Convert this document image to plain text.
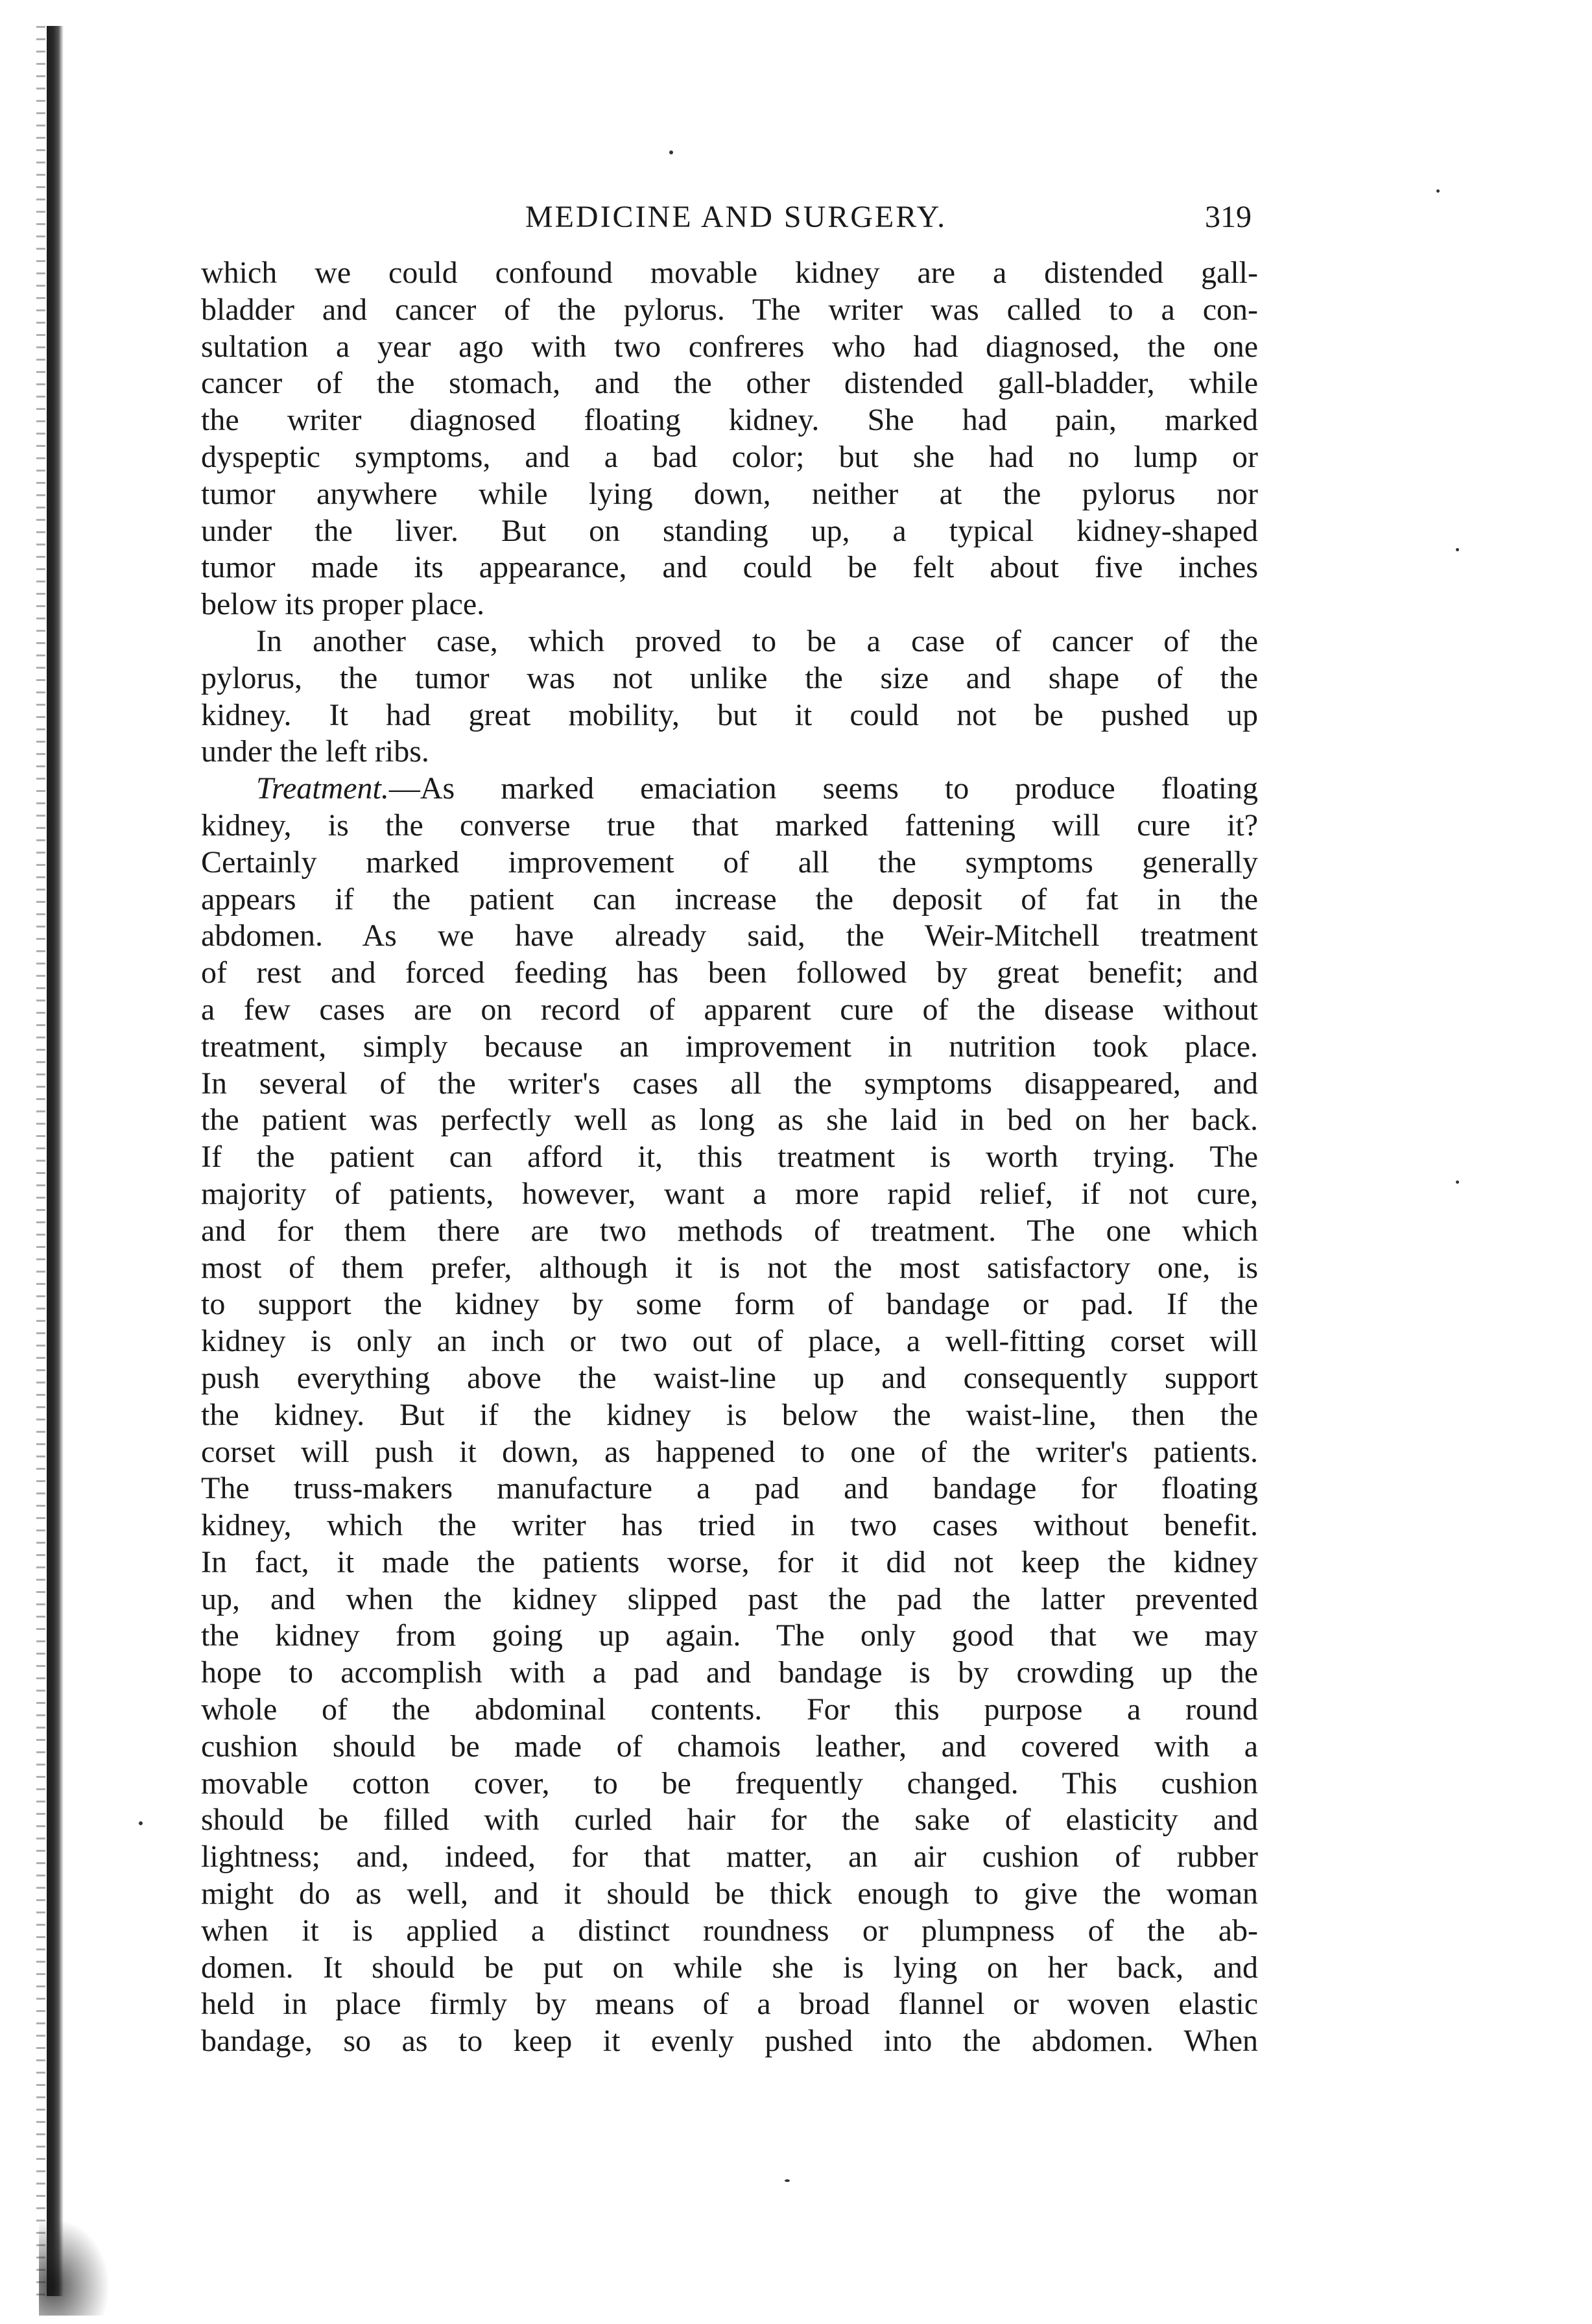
MEDICINE AND SURGERY.	319
which we could confound movable kidney are a distended gall-
bladder and cancer of the pylorus. The writer was called to a con-
sultation a year ago with two confreres who had diagnosed, the one
cancer of the stomach, and the other distended gall-bladder, while
the writer diagnosed floating kidney. She had pain, marked
dyspeptic symptoms, and a bad color; but she had no lump or
tumor anywhere while lying down, neither at the pylorus nor
under the liver. But on standing up, a typical kidney-shaped
tumor made its appearance, and could be felt about five inches
below its proper place.
In another case, which proved to be a case of cancer of the
pylorus, the tumor was not unlike the size and shape of the
kidney. It had great mobility, but it could not be pushed up
under the left ribs.
Treatment.—As marked emaciation seems to produce floating
kidney, is the converse true that marked fattening will cure it?
Certainly marked improvement of all the symptoms generally
appears if the patient can increase the deposit of fat in the
abdomen. As we have already said, the Weir-Mitchell treatment
of rest and forced feeding has been followed by great benefit; and
a few cases are on record of apparent cure of the disease without
treatment, simply because an improvement in nutrition took place.
In several of the writer's cases all the symptoms disappeared, and
the patient was perfectly well as long as she laid in bed on her back.
If the patient can afford it, this treatment is worth trying. The
majority of patients, however, want a more rapid relief, if not cure,
and for them there are two methods of treatment. The one which
most of them prefer, although it is not the most satisfactory one, is
to support the kidney by some form of bandage or pad. If the
kidney is only an inch or two out of place, a well-fitting corset will
push everything above the waist-line up and consequently support
the kidney. But if the kidney is below the waist-line, then the
corset will push it down, as happened to one of the writer's patients.
The truss-makers manufacture a pad and bandage for floating
kidney, which the writer has tried in two cases without benefit.
In fact, it made the patients worse, for it did not keep the kidney
up, and when the kidney slipped past the pad the latter prevented
the kidney from going up again. The only good that we may
hope to accomplish with a pad and bandage is by crowding up the
whole of the abdominal contents. For this purpose a round
cushion should be made of chamois leather, and covered with a
movable cotton cover, to be frequently changed. This cushion
should be filled with curled hair for the sake of elasticity and
lightness; and, indeed, for that matter, an air cushion of rubber
might do as well, and it should be thick enough to give the woman
when it is applied a distinct roundness or plumpness of the ab-
domen. It should be put on while she is lying on her back, and
held in place firmly by means of a broad flannel or woven elastic
bandage, so as to keep it evenly pushed into the abdomen. When
